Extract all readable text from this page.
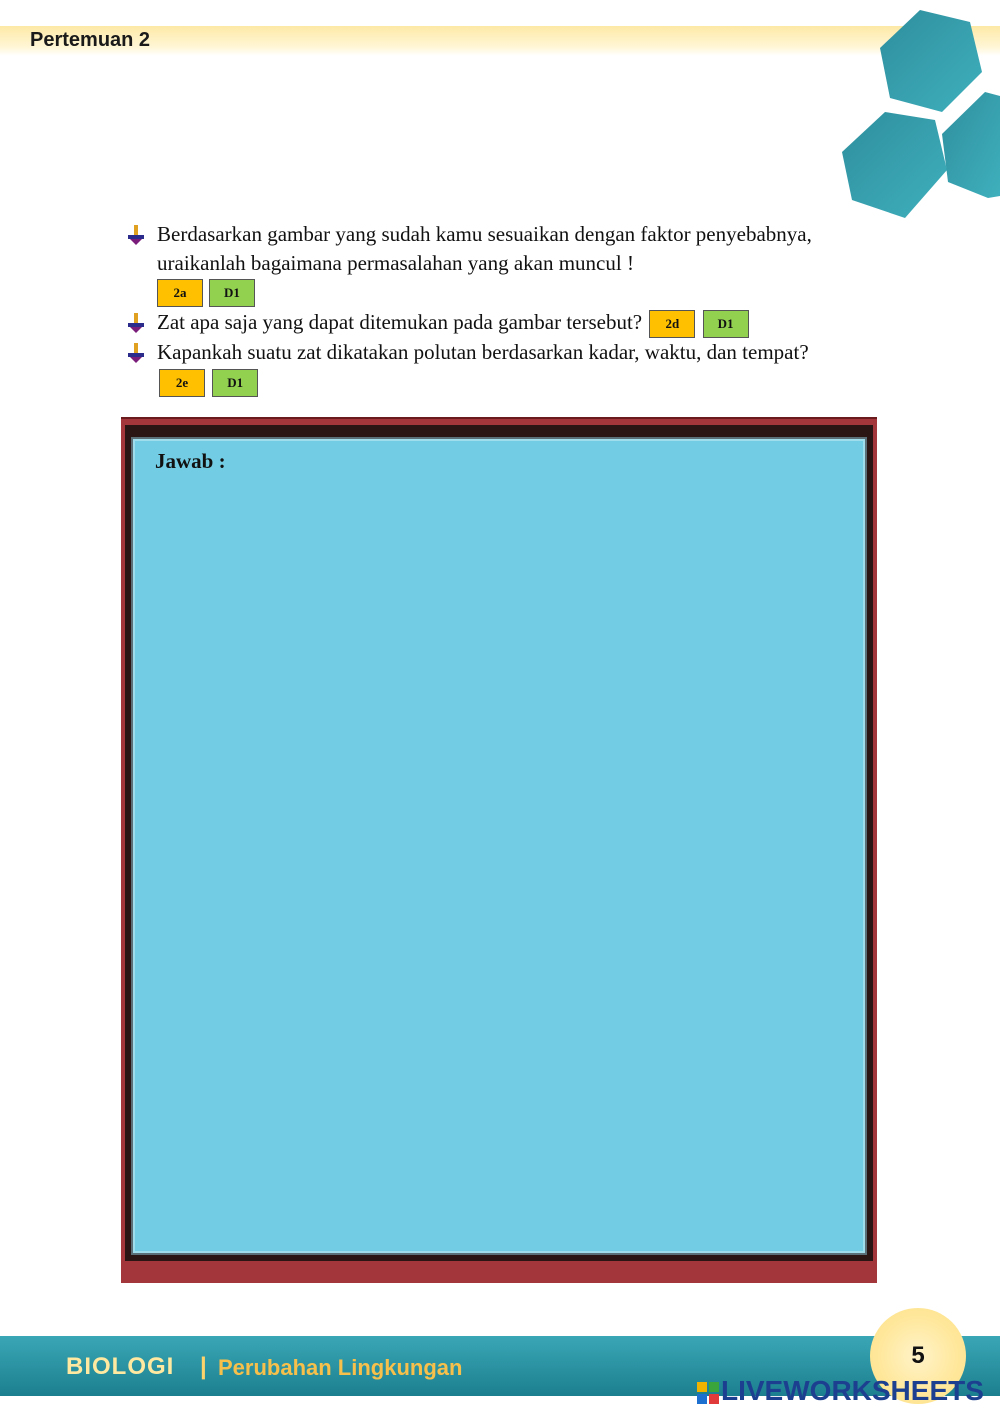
Pertemuan 2
Berdasarkan gambar yang sudah kamu sesuaikan dengan faktor penyebabnya, uraikanlah bagaimana permasalahan yang akan muncul !
2a	D1
Zat apa saja yang dapat ditemukan pada gambar tersebut? 2d	D1
Kapankah suatu zat dikatakan polutan berdasarkan kadar, waktu, dan tempat? 2e	D1
Jawab :
BIOLOGI | Perubahan Lingkungan	5
LIVEWORKSHEETS
